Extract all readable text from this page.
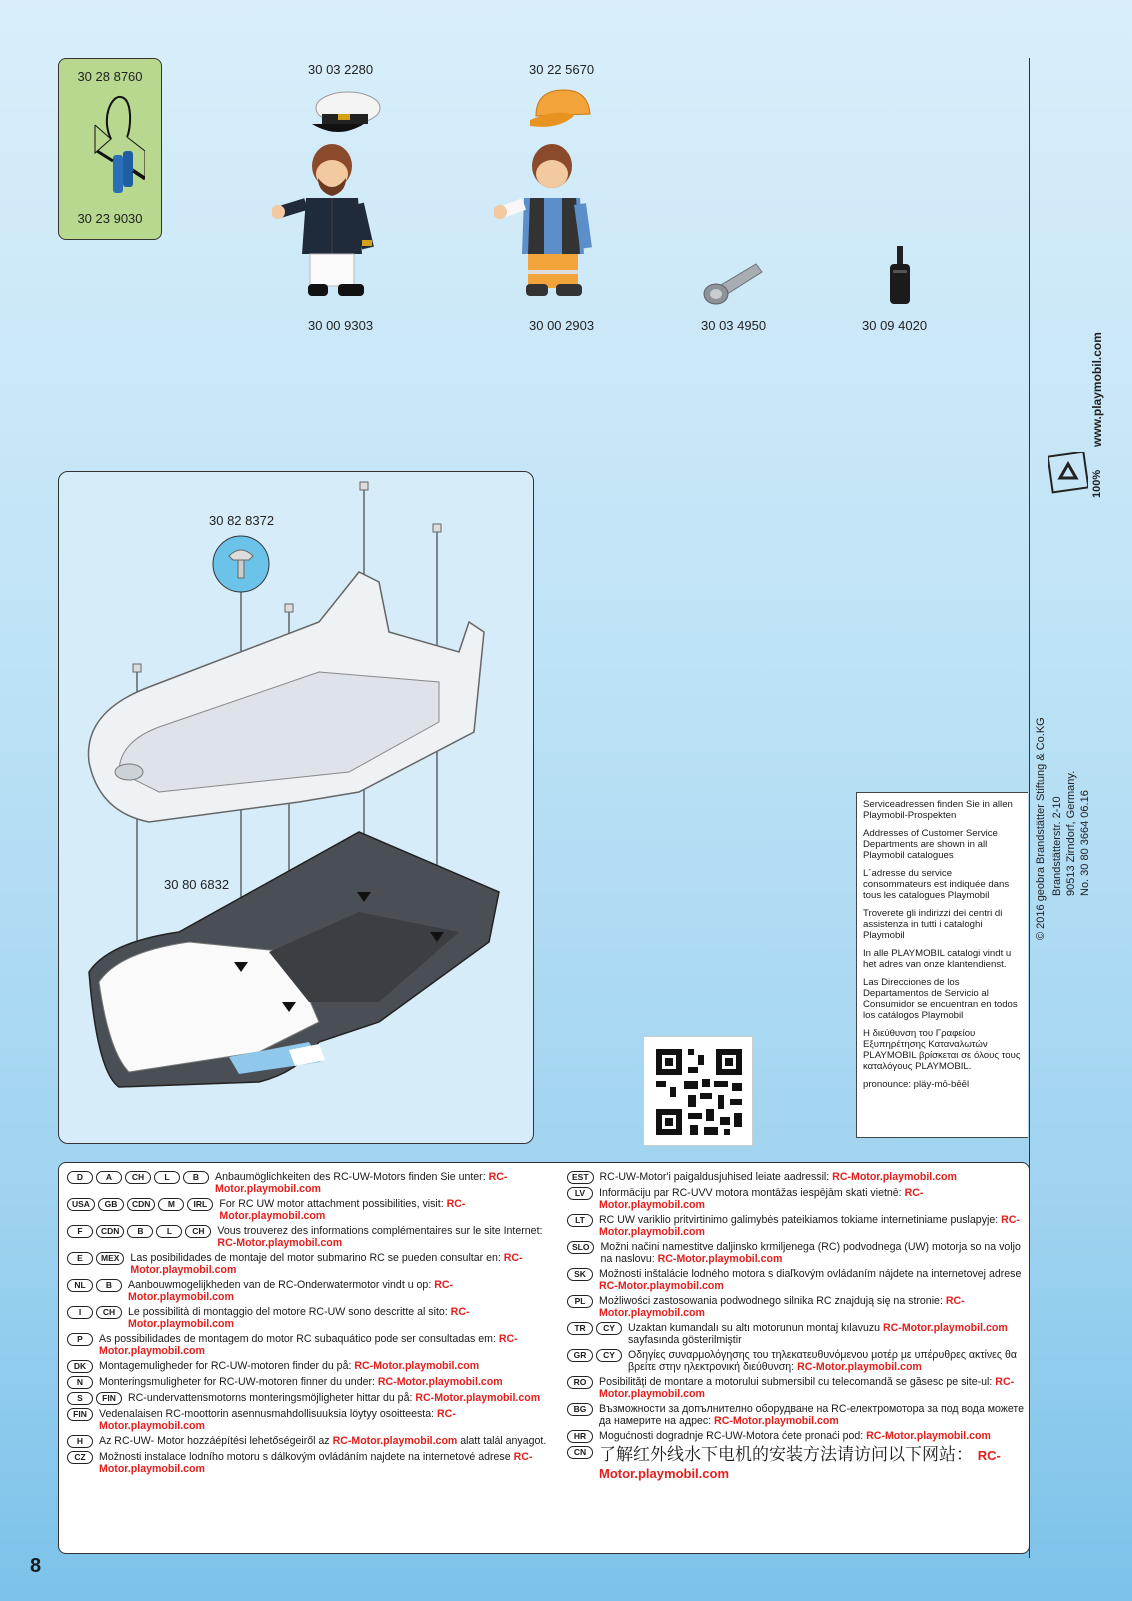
30 28 8760
30 23 9030
30 03 2280	30 22 5670
30 00 9303	30 00 2903	30 03 4950	30 09 4020
www.playmobil.com
100%
© 2016 geobra Brandstätter Stiftung & Co.KG Brandstätterstr. 2-10 90513 Zirndorf, Germany. No. 30 80 3664 06.16
30 82 8372
30 80 6832

Serviceadressen finden Sie in allen Playmobil-Prospekten

Addresses of Customer Service Departments are shown in all Playmobil catalogues

L´adresse du service consommateurs est indiquée dans tous les catalogues Playmobil

Troverete gli indirizzi dei centri di assistenza in tutti i cataloghi Playmobil

In alle PLAYMOBIL catalogi vindt u het adres van onze klantendienst.

Las Direcciones de los Departamentos de Servicio al Consumidor se encuentran en todos los catálogos Playmobil

Η διεύθυνση του Γραφείου Εξυπηρέτησης Καταναλωτών PLAYMOBIL βρίσκεται σε όλους τους καταλόγους PLAYMOBIL.

pronounce: pläy-mō-bēēl

D	A	CH	L	B	Anbaumöglichkeiten des RC-UW-Motors finden Sie unter: RC-Motor.playmobil.com
USA	GB	CDN	M	IRL	For RC UW motor attachment possibilities, visit: RC-Motor.playmobil.com
F	CDN	B	L	CH	Vous trouverez des informations complémentaires sur le site Internet: RC-Motor.playmobil.com
E	MEX	Las posibilidades de montaje del motor submarino RC se pueden consultar en: RC-Motor.playmobil.com
NL	B	Aanbouwmogelijkheden van de RC-Onderwatermotor vindt u op: RC-Motor.playmobil.com
I	CH	Le possibilità di montaggio del motore RC-UW sono descritte al sito: RC-Motor.playmobil.com
P	As possibilidades de montagem do motor RC subaquático pode ser consultadas em: RC-Motor.playmobil.com
DK	Montagemuligheder for RC-UW-motoren finder du på: RC-Motor.playmobil.com
N	Monteringsmuligheter for RC-UW-motoren finner du under: RC-Motor.playmobil.com
S	FIN	RC-undervattensmotorns monteringsmöjligheter hittar du på: RC-Motor.playmobil.com
FIN	Vedenalaisen RC-moottorin asennusmahdollisuuksia löytyy osoitteesta: RC-Motor.playmobil.com
H	Az RC-UW- Motor hozzáépítési lehetőségeiről az RC-Motor.playmobil.com alatt talál anyagot.
CZ	Možnosti instalace lodního motoru s dálkovým ovládáním najdete na internetové adrese RC-Motor.playmobil.com
EST	RC-UW-Motor'i paigaldusjuhised leiate aadressil: RC-Motor.playmobil.com
LV	Informāciju par RC-UVV motora montāžas iespējām skati vietnē: RC-Motor.playmobil.com
LT	RC UW variklio pritvirtinimo galimybės pateikiamos tokiame internetiniame puslapyje: RC-Motor.playmobil.com
SLO	Možni načini namestitve daljinsko krmiljenega (RC) podvodnega (UW) motorja so na voljo na naslovu: RC-Motor.playmobil.com
SK	Možnosti inštalácie lodného motora s diaľkovým ovládaním nájdete na internetovej adrese RC-Motor.playmobil.com
PL	Możliwości zastosowania podwodnego silnika RC znajdują się na stronie: RC-Motor.playmobil.com
TR	CY	Uzaktan kumandalı su altı motorunun montaj kılavuzu RC-Motor.playmobil.com sayfasında gösterilmiştir
GR	CY	Οδηγίες συναρμολόγησης του τηλεκατευθυνόμενου μοτέρ με υπέρυθρες ακτίνες θα βρείτε στην ηλεκτρονική διεύθυνση: RC-Motor.playmobil.com
RO	Posibilităţi de montare a motorului submersibil cu telecomandă se găsesc pe site-ul: RC-Motor.playmobil.com
BG	Възможности за допълнително оборудване на RC-електромотора за под вода можете да намерите на адрес: RC-Motor.playmobil.com
HR	Mogućnosti dogradnje RC-UW-Motora ćete pronaći pod: RC-Motor.playmobil.com
CN 了解红外线水下电机的安装方法请访问以下网站： RC-Motor.playmobil.com
8
